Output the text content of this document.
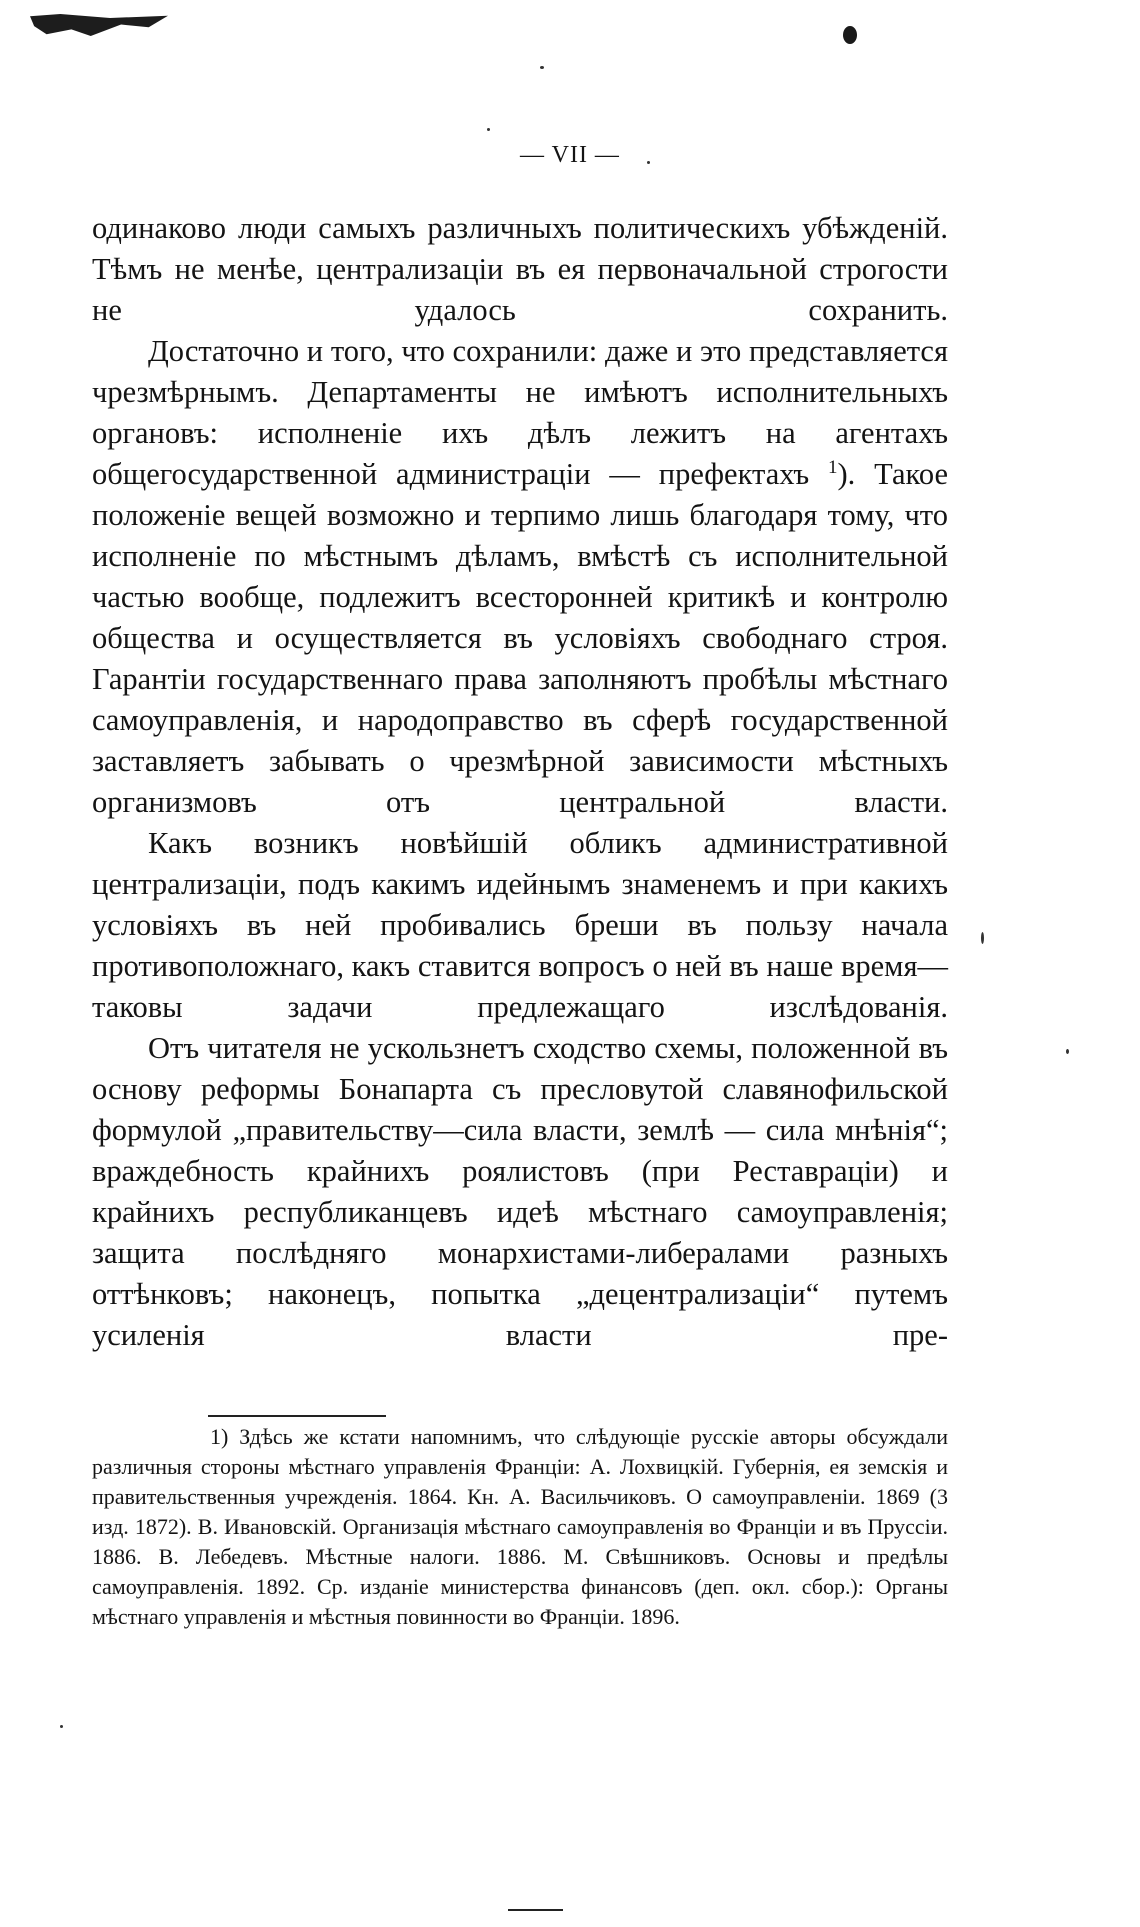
— VII —

одинаково люди самыхъ различныхъ политическихъ убѣжденій. Тѣмъ не менѣе, централизаціи въ ея первоначальной строгости не удалось сохранить.

Достаточно и того, что сохранили: даже и это представляется чрезмѣрнымъ. Департаменты не имѣютъ исполнительныхъ органовъ: исполненіе ихъ дѣлъ лежитъ на агентахъ общегосударственной администраціи — префектахъ $^1$). Такое положеніе вещей возможно и терпимо лишь благодаря тому, что исполненіе по мѣстнымъ дѣламъ, вмѣстѣ съ исполнительной частью вообще, подлежитъ всесторонней критикѣ и контролю общества и осуществляется въ условіяхъ свободнаго строя. Гарантіи государственнаго права заполняютъ пробѣлы мѣстнаго самоуправленія, и народоправство въ сферѣ государственной заставляетъ забывать о чрезмѣрной зависимости мѣстныхъ организмовъ отъ центральной власти.

Какъ возникъ новѣйшій обликъ административной централизаціи, подъ какимъ идейнымъ знаменемъ и при какихъ условіяхъ въ ней пробивались бреши въ пользу начала противоположнаго, какъ ставится вопросъ о ней въ наше время—таковы задачи предлежащаго изслѣдованія.

Отъ читателя не ускользнетъ сходство схемы, положенной въ основу реформы Бонапарта съ пресловутой славянофильской формулой „правительству—сила власти, землѣ — сила мнѣнія“; враждебность крайнихъ роялистовъ (при Реставраціи) и крайнихъ республиканцевъ идеѣ мѣстнаго самоуправленія; защита послѣдняго монархистами-либералами разныхъ оттѣнковъ; наконецъ, попытка „децентрализаціи“ путемъ усиленія власти пре-

1) Здѣсь же кстати напомнимъ, что слѣдующіе русскіе авторы обсуждали различныя стороны мѣстнаго управленія Франціи: А. Лохвицкій. Губернія, ея земскія и правительственныя учрежденія. 1864. Кн. А. Васильчиковъ. О самоуправленіи. 1869 (3 изд. 1872). В. Ивановскій. Организація мѣстнаго самоуправленія во Франціи и въ Пруссіи. 1886. В. Лебедевъ. Мѣстные налоги. 1886. М. Свѣшниковъ. Основы и предѣлы самоуправленія. 1892. Ср. изданіе министерства финансовъ (деп. окл. сбор.): Органы мѣстнаго управленія и мѣстныя повинности во Франціи. 1896.
